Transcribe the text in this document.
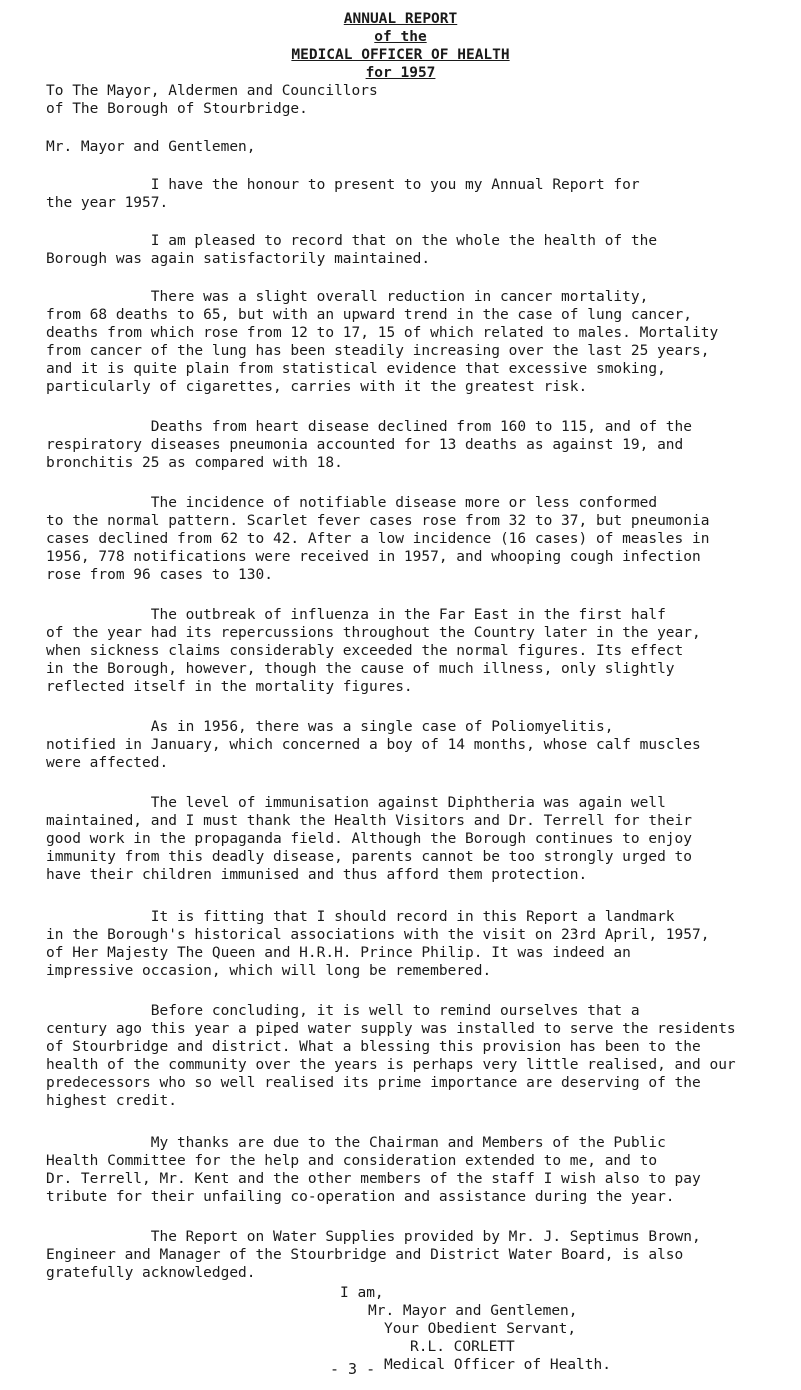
ANNUAL REPORT
of the
MEDICAL OFFICER OF HEALTH
for 1957
To The Mayor, Aldermen and Councillors
of The Borough of Stourbridge.
Mr. Mayor and Gentlemen,

I have the honour to present to you my Annual Report for

the year 1957.

I am pleased to record that on the whole the health of the

Borough was again satisfactorily maintained.

There was a slight overall reduction in cancer mortality,

from 68 deaths to 65, but with an upward trend in the case of lung cancer,

deaths from which rose from 12 to 17, 15 of which related to males. Mortality

from cancer of the lung has been steadily increasing over the last 25 years,

and it is quite plain from statistical evidence that excessive smoking,

particularly of cigarettes, carries with it the greatest risk.

Deaths from heart disease declined from 160 to 115, and of the

respiratory diseases pneumonia accounted for 13 deaths as against 19, and

bronchitis 25 as compared with 18.

The incidence of notifiable disease more or less conformed

to the normal pattern. Scarlet fever cases rose from 32 to 37, but pneumonia

cases declined from 62 to 42. After a low incidence (16 cases) of measles in

1956, 778 notifications were received in 1957, and whooping cough infection

rose from 96 cases to 130.

The outbreak of influenza in the Far East in the first half

of the year had its repercussions throughout the Country later in the year,

when sickness claims considerably exceeded the normal figures. Its effect

in the Borough, however, though the cause of much illness, only slightly

reflected itself in the mortality figures.

As in 1956, there was a single case of Poliomyelitis,

notified in January, which concerned a boy of 14 months, whose calf muscles

were affected.

The level of immunisation against Diphtheria was again well

maintained, and I must thank the Health Visitors and Dr. Terrell for their

good work in the propaganda field. Although the Borough continues to enjoy

immunity from this deadly disease, parents cannot be too strongly urged to

have their children immunised and thus afford them protection.

It is fitting that I should record in this Report a landmark

in the Borough's historical associations with the visit on 23rd April, 1957,

of Her Majesty The Queen and H.R.H. Prince Philip. It was indeed an

impressive occasion, which will long be remembered.

Before concluding, it is well to remind ourselves that a

century ago this year a piped water supply was installed to serve the residents

of Stourbridge and district. What a blessing this provision has been to the

health of the community over the years is perhaps very little realised, and our

predecessors who so well realised its prime importance are deserving of the

highest credit.

My thanks are due to the Chairman and Members of the Public

Health Committee for the help and consideration extended to me, and to

Dr. Terrell, Mr. Kent and the other members of the staff I wish also to pay

tribute for their unfailing co-operation and assistance during the year.

The Report on Water Supplies provided by Mr. J. Septimus Brown,

Engineer and Manager of the Stourbridge and District Water Board, is also

gratefully acknowledged.

I am,
Mr. Mayor and Gentlemen,
Your Obedient Servant,
R.L. CORLETT
Medical Officer of Health.
- 3 -
